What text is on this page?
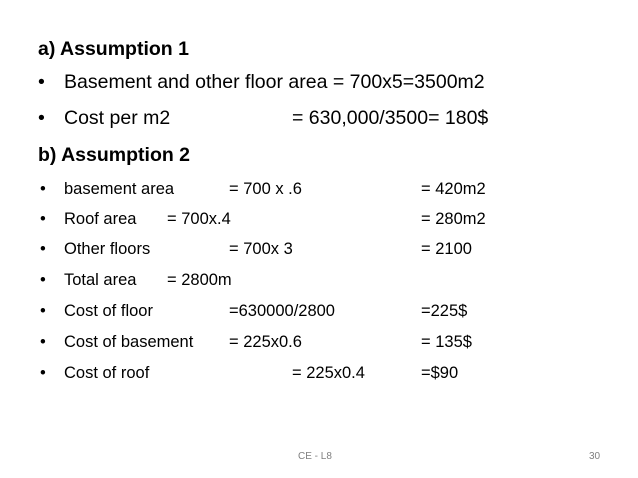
a) Assumption 1
• Basement and other floor area = 700x5=3500m2
• Cost per m2	= 630,000/3500= 180$
b) Assumption 2
• basement area	= 700 x .6	= 420m2
• Roof area = 700x.4	= 280m2
• Other floors	= 700x 3	= 2100
• Total area = 2800m
• Cost of floor	=630000/2800	=225$
• Cost of basement = 225x0.6	= 135$
• Cost of roof	= 225x0.4	=$90
CE - L8	30
